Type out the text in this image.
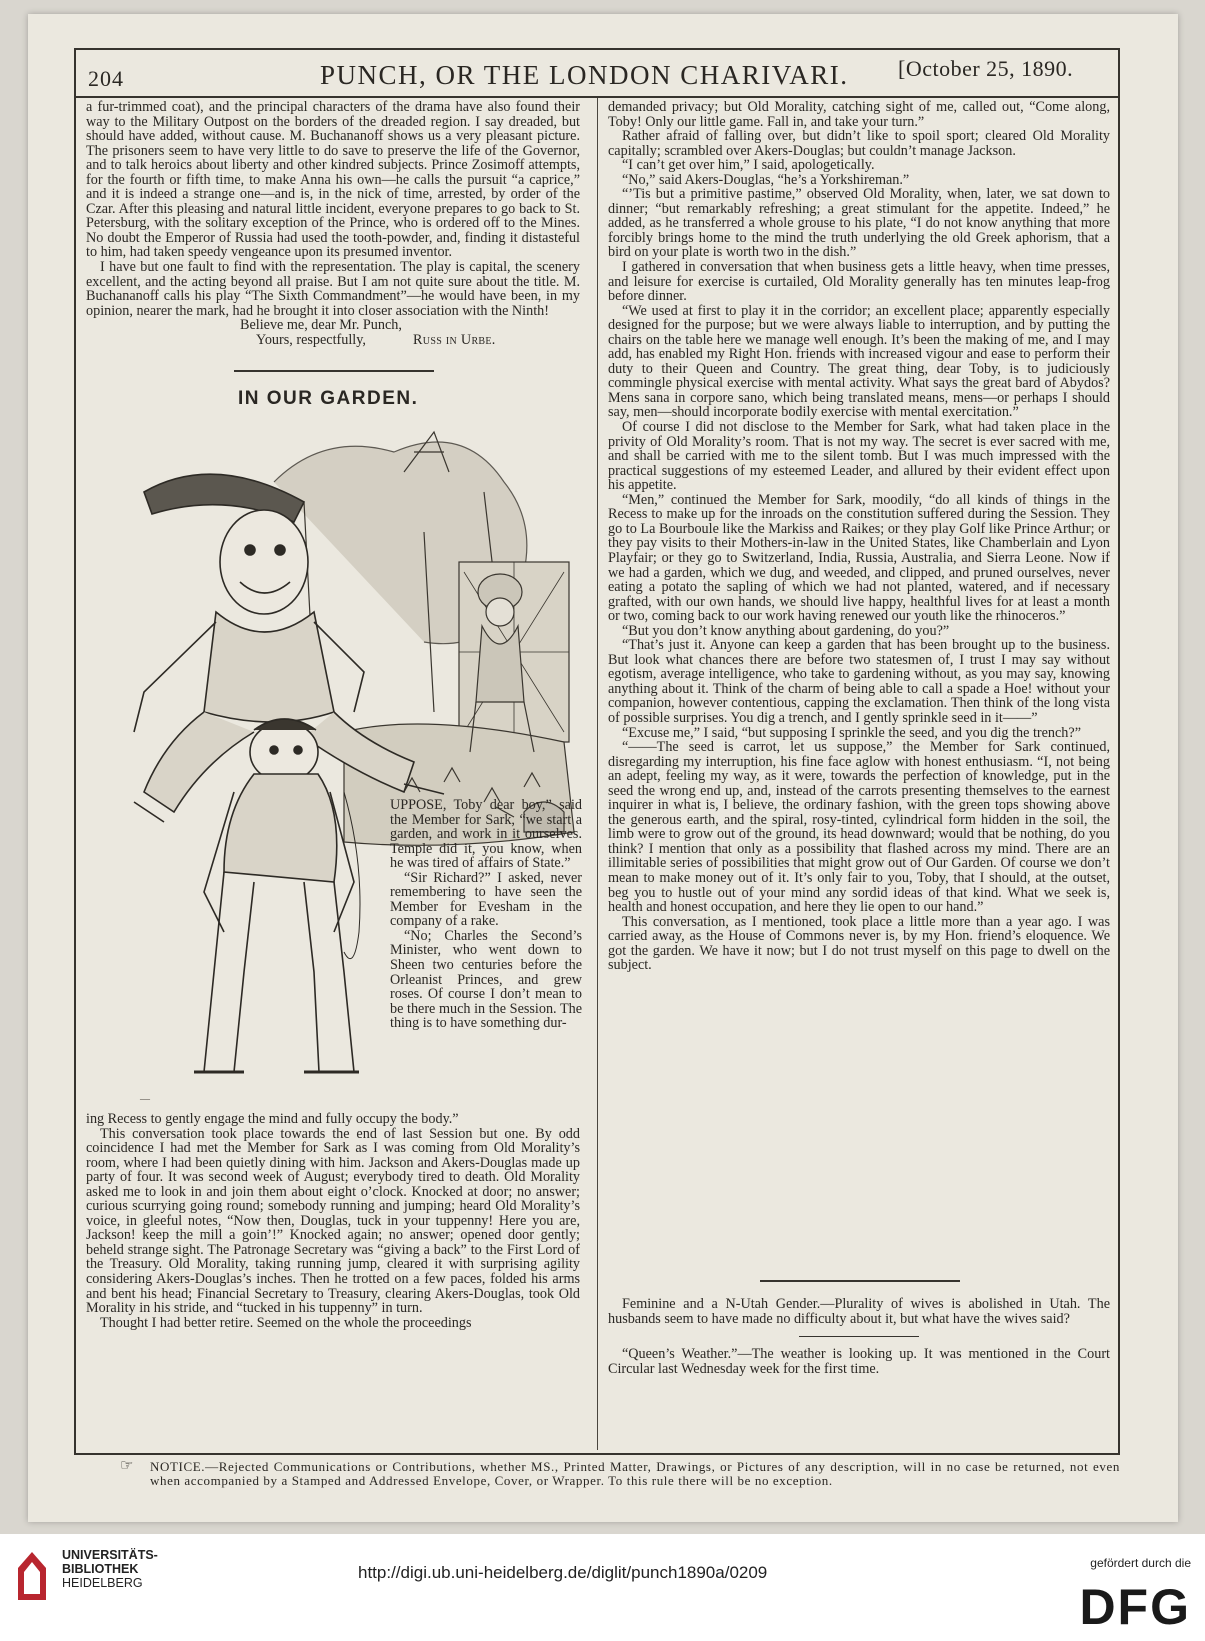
204	PUNCH, OR THE LONDON CHARIVARI.	[October 25, 1890.

a fur-trimmed coat), and the principal characters of the drama have also found their way to the Military Outpost on the borders of the dreaded region. I say dreaded, but should have added, without cause. M. Buchananoff shows us a very pleasant picture. The prisoners seem to have very little to do save to preserve the life of the Governor, and to talk heroics about liberty and other kindred subjects. Prince Zosimoff attempts, for the fourth or fifth time, to make Anna his own—he calls the pursuit “a caprice,” and it is indeed a strange one—and is, in the nick of time, arrested, by order of the Czar. After this pleasing and natural little incident, everyone prepares to go back to St. Petersburg, with the solitary exception of the Prince, who is ordered off to the Mines. No doubt the Emperor of Russia had used the tooth-powder, and, finding it distasteful to him, had taken speedy vengeance upon its presumed inventor.

I have but one fault to find with the representation. The play is capital, the scenery excellent, and the acting beyond all praise. But I am not quite sure about the title. M. Buchananoff calls his play “The Sixth Commandment”—he would have been, in my opinion, nearer the mark, had he brought it into closer association with the Ninth!

Believe me, dear Mr. Punch,

Yours, respectfully,	Russ in Urbe.

IN OUR GARDEN.
—

UPPOSE, Toby dear boy,” said the Member for Sark, “we start a garden, and work in it ourselves. Temple did it, you know, when he was tired of affairs of State.”

“Sir Richard?” I asked, never remembering to have seen the Member for Evesham in the company of a rake.

“No; Charles the Second’s Minister, who went down to Sheen two centuries before the Orleanist Princes, and grew roses. Of course I don’t mean to be there much in the Session. The thing is to have something dur-

ing Recess to gently engage the mind and fully occupy the body.”

This conversation took place towards the end of last Session but one. By odd coincidence I had met the Member for Sark as I was coming from Old Morality’s room, where I had been quietly dining with him. Jackson and Akers-Douglas made up party of four. It was second week of August; everybody tired to death. Old Morality asked me to look in and join them about eight o’clock. Knocked at door; no answer; curious scurrying going round; somebody running and jumping; heard Old Morality’s voice, in gleeful notes, “Now then, Douglas, tuck in your tuppenny! Here you are, Jackson! keep the mill a goin’!” Knocked again; no answer; opened door gently; beheld strange sight. The Patronage Secretary was “giving a back” to the First Lord of the Treasury. Old Morality, taking running jump, cleared it with surprising agility considering Akers-Douglas’s inches. Then he trotted on a few paces, folded his arms and bent his head; Financial Secretary to Treasury, clearing Akers-Douglas, took Old Morality in his stride, and “tucked in his tuppenny” in turn.

Thought I had better retire. Seemed on the whole the proceedings

demanded privacy; but Old Morality, catching sight of me, called out, “Come along, Toby! Only our little game. Fall in, and take your turn.”

Rather afraid of falling over, but didn’t like to spoil sport; cleared Old Morality capitally; scrambled over Akers-Douglas; but couldn’t manage Jackson.

“I can’t get over him,” I said, apologetically.

“No,” said Akers-Douglas, “he’s a Yorkshireman.”

“’Tis but a primitive pastime,” observed Old Morality, when, later, we sat down to dinner; “but remarkably refreshing; a great stimulant for the appetite. Indeed,” he added, as he transferred a whole grouse to his plate, “I do not know anything that more forcibly brings home to the mind the truth underlying the old Greek aphorism, that a bird on your plate is worth two in the dish.”

I gathered in conversation that when business gets a little heavy, when time presses, and leisure for exercise is curtailed, Old Morality generally has ten minutes leap-frog before dinner.

“We used at first to play it in the corridor; an excellent place; apparently especially designed for the purpose; but we were always liable to interruption, and by putting the chairs on the table here we manage well enough. It’s been the making of me, and I may add, has enabled my Right Hon. friends with increased vigour and ease to perform their duty to their Queen and Country. The great thing, dear Toby, is to judiciously commingle physical exercise with mental activity. What says the great bard of Abydos? Mens sana in corpore sano, which being translated means, mens—or perhaps I should say, men—should incorporate bodily exercise with mental exercitation.”

Of course I did not disclose to the Member for Sark, what had taken place in the privity of Old Morality’s room. That is not my way. The secret is ever sacred with me, and shall be carried with me to the silent tomb. But I was much impressed with the practical suggestions of my esteemed Leader, and allured by their evident effect upon his appetite.

“Men,” continued the Member for Sark, moodily, “do all kinds of things in the Recess to make up for the inroads on the constitution suffered during the Session. They go to La Bourboule like the Markiss and Raikes; or they play Golf like Prince Arthur; or they pay visits to their Mothers-in-law in the United States, like Chamberlain and Lyon Playfair; or they go to Switzerland, India, Russia, Australia, and Sierra Leone. Now if we had a garden, which we dug, and weeded, and clipped, and pruned ourselves, never eating a potato the sapling of which we had not planted, watered, and if necessary grafted, with our own hands, we should live happy, healthful lives for at least a month or two, coming back to our work having renewed our youth like the rhinoceros.”

“But you don’t know anything about gardening, do you?”

“That’s just it. Anyone can keep a garden that has been brought up to the business. But look what chances there are before two statesmen of, I trust I may say without egotism, average intelligence, who take to gardening without, as you may say, knowing anything about it. Think of the charm of being able to call a spade a Hoe! without your companion, however contentious, capping the exclamation. Then think of the long vista of possible surprises. You dig a trench, and I gently sprinkle seed in it——”

“Excuse me,” I said, “but supposing I sprinkle the seed, and you dig the trench?”

“——The seed is carrot, let us suppose,” the Member for Sark continued, disregarding my interruption, his fine face aglow with honest enthusiasm. “I, not being an adept, feeling my way, as it were, towards the perfection of knowledge, put in the seed the wrong end up, and, instead of the carrots presenting themselves to the earnest inquirer in what is, I believe, the ordinary fashion, with the green tops showing above the generous earth, and the spiral, rosy-tinted, cylindrical form hidden in the soil, the limb were to grow out of the ground, its head downward; would that be nothing, do you think? I mention that only as a possibility that flashed across my mind. There are an illimitable series of possibilities that might grow out of Our Garden. Of course we don’t mean to make money out of it. It’s only fair to you, Toby, that I should, at the outset, beg you to hustle out of your mind any sordid ideas of that kind. What we seek is, health and honest occupation, and here they lie open to our hand.”

This conversation, as I mentioned, took place a little more than a year ago. I was carried away, as the House of Commons never is, by my Hon. friend’s eloquence. We got the garden. We have it now; but I do not trust myself on this page to dwell on the subject.

Feminine and a N-Utah Gender.—Plurality of wives is abolished in Utah. The husbands seem to have made no difficulty about it, but what have the wives said?

“Queen’s Weather.”—The weather is looking up. It was mentioned in the Court Circular last Wednesday week for the first time.

☞	NOTICE.—Rejected Communications or Contributions, whether MS., Printed Matter, Drawings, or Pictures of any description, will in no case be returned, not even when accompanied by a Stamped and Addressed Envelope, Cover, or Wrapper. To this rule there will be no exception.

UNIVERSITÄTS-
BIBLIOTHEK
HEIDELBERG
http://digi.ub.uni-heidelberg.de/diglit/punch1890a/0209	gefördert durch die
DFG
